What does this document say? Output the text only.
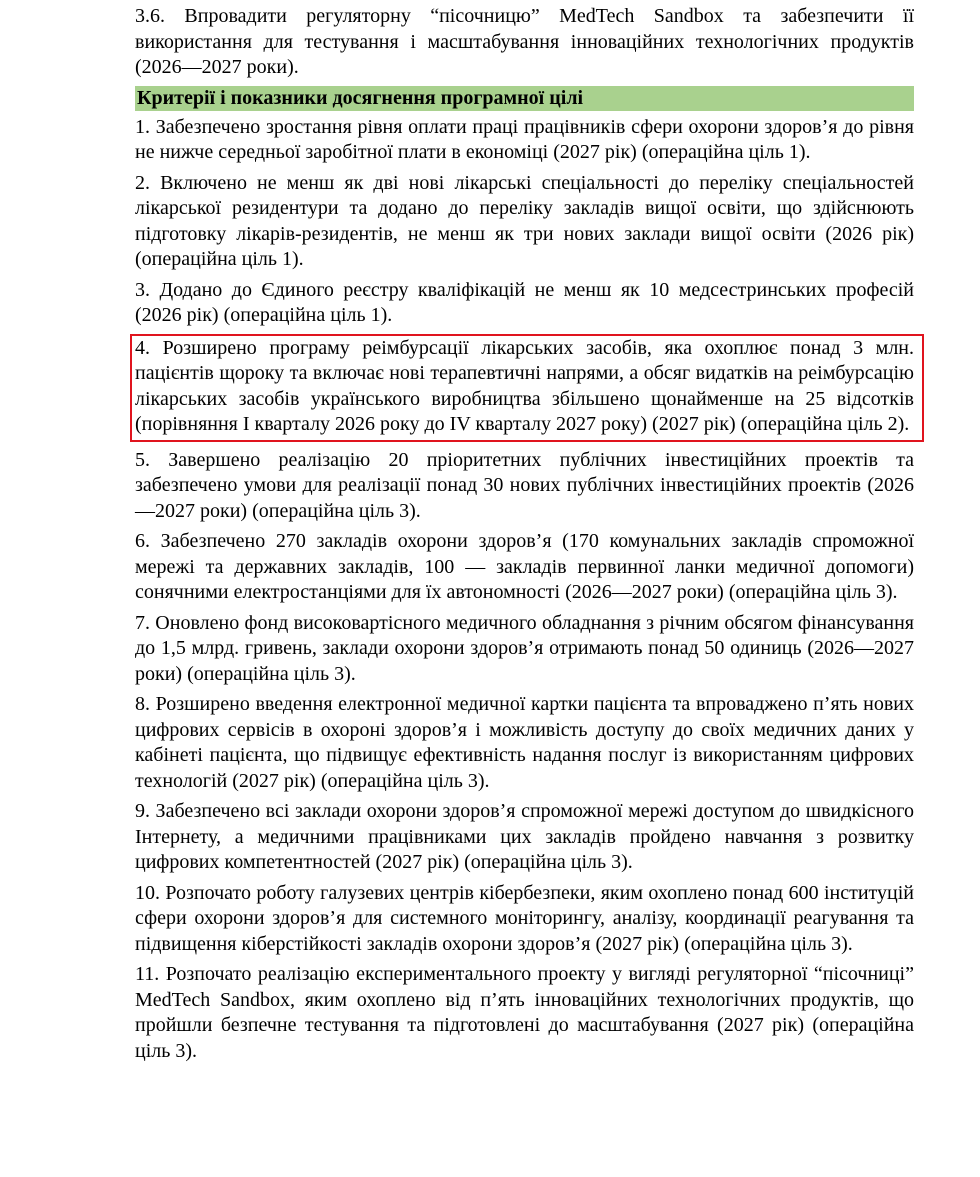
3.6. Впровадити регуляторну “пісочницю” MedTech Sandbox та забезпечити її використання для тестування і масштабування інноваційних технологічних продуктів (2026—2027 роки).

Критерії і показники досягнення програмної цілі

1. Забезпечено зростання рівня оплати праці працівників сфери охорони здоров’я до рівня не нижче середньої заробітної плати в економіці (2027 рік) (операційна ціль 1).

2. Включено не менш як дві нові лікарські спеціальності до переліку спеціальностей лікарської резидентури та додано до переліку закладів вищої освіти, що здійснюють підготовку лікарів-резидентів, не менш як три нових заклади вищої освіти (2026 рік) (операційна ціль 1).

3. Додано до Єдиного реєстру кваліфікацій не менш як 10 медсестринських професій (2026 рік) (операційна ціль 1).

4. Розширено програму реімбурсації лікарських засобів, яка охоплює понад 3 млн. пацієнтів щороку та включає нові терапевтичні напрями, а обсяг видатків на реімбурсацію лікарських засобів українського виробництва збільшено щонайменше на 25 відсотків (порівняння I кварталу 2026 року до IV кварталу 2027 року) (2027 рік) (операційна ціль 2).

5. Завершено реалізацію 20 пріоритетних публічних інвестиційних проектів та забезпечено умови для реалізації понад 30 нових публічних інвестиційних проектів (2026—2027 роки) (операційна ціль 3).

6. Забезпечено 270 закладів охорони здоров’я (170 комунальних закладів спроможної мережі та державних закладів, 100 — закладів первинної ланки медичної допомоги) сонячними електростанціями для їх автономності (2026—2027 роки) (операційна ціль 3).

7. Оновлено фонд високовартісного медичного обладнання з річним обсягом фінансування до 1,5 млрд. гривень, заклади охорони здоров’я отримають понад 50 одиниць (2026—2027 роки) (операційна ціль 3).

8. Розширено введення електронної медичної картки пацієнта та впроваджено п’ять нових цифрових сервісів в охороні здоров’я і можливість доступу до своїх медичних даних у кабінеті пацієнта, що підвищує ефективність надання послуг із використанням цифрових технологій (2027 рік) (операційна ціль 3).

9. Забезпечено всі заклади охорони здоров’я спроможної мережі доступом до швидкісного Інтернету, а медичними працівниками цих закладів пройдено навчання з розвитку цифрових компетентностей (2027 рік) (операційна ціль 3).

10. Розпочато роботу галузевих центрів кібербезпеки, яким охоплено понад 600 інституцій сфери охорони здоров’я для системного моніторингу, аналізу, координації реагування та підвищення кіберстійкості закладів охорони здоров’я (2027 рік) (операційна ціль 3).

11. Розпочато реалізацію експериментального проекту у вигляді регуляторної “пісочниці” MedTech Sandbox, яким охоплено від п’ять інноваційних технологічних продуктів, що пройшли безпечне тестування та підготовлені до масштабування (2027 рік) (операційна ціль 3).
